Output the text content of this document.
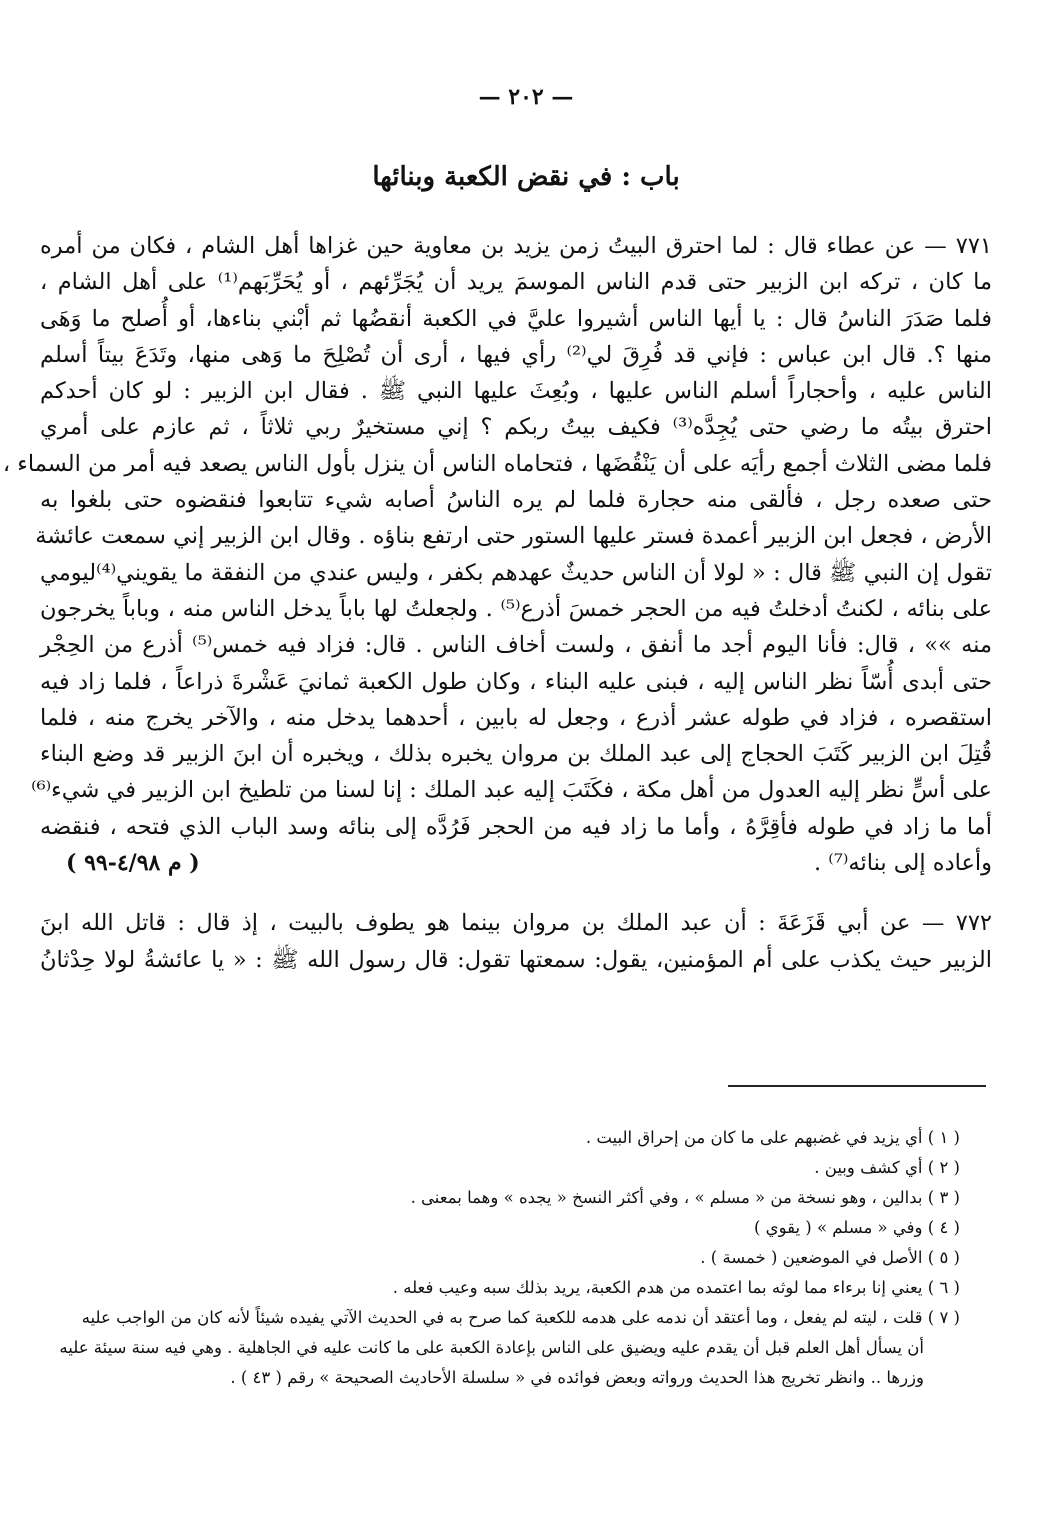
— ٢٠٢ —
باب : في نقض الكعبة وبنائها
٧٧١ — عن عطاء قال : لما احترق البيتُ زمن يزيد بن معاوية حين غزاها أهل الشام ، فكان من أمره
ما كان ، تركه ابن الزبير حتى قدم الناس الموسمَ يريد أن يُجَرِّئهم ، أو يُحَرِّبَهم⁽¹⁾ على أهل الشام ،
فلما صَدَرَ الناسُ قال : يا أيها الناس أشيروا عليَّ في الكعبة أنقضُها ثم أبْني بناءها، أو أُصلح ما وَهَى
منها ؟. قال ابن عباس : فإني قد فُرِقَ لي⁽²⁾ رأي فيها ، أرى أن تُصْلِحَ ما وَهى منها، وتَدَعَ بيتاً أسلم
الناس عليه ، وأحجاراً أسلم الناس عليها ، وبُعِثَ عليها النبي ﷺ . فقال ابن الزبير : لو كان أحدكم
احترق بيتُه ما رضي حتى يُجِدَّه⁽³⁾ فكيف بيتُ ربكم ؟ إني مستخيرٌ ربي ثلاثاً ، ثم عازم على أمري
فلما مضى الثلاث أجمع رأيَه على أن يَنْقُضَها ، فتحاماه الناس أن ينزل بأول الناس يصعد فيه أمر من السماء ،
حتى صعده رجل ، فألقى منه حجارة فلما لم يره الناسُ أصابه شيء تتابعوا فنقضوه حتى بلغوا به
الأرض ، فجعل ابن الزبير أعمدة فستر عليها الستور حتى ارتفع بناؤه . وقال ابن الزبير إني سمعت عائشة
تقول إن النبي ﷺ قال : « لولا أن الناس حديثٌ عهدهم بكفر ، وليس عندي من النفقة ما يقويني⁽⁴⁾ليومي
على بنائه ، لكنتُ أدخلتُ فيه من الحجر خمسَ أذرع⁽⁵⁾ . ولجعلتُ لها باباً يدخل الناس منه ، وباباً يخرجون
منه »» ، قال: فأنا اليوم أجد ما أنفق ، ولست أخاف الناس . قال: فزاد فيه خمس⁽⁵⁾ أذرع من الحِجْر
حتى أبدى أُسّاً نظر الناس إليه ، فبنى عليه البناء ، وكان طول الكعبة ثمانيَ عَشْرةَ ذراعاً ، فلما زاد فيه
استقصره ، فزاد في طوله عشر أذرع ، وجعل له بابين ، أحدهما يدخل منه ، والآخر يخرج منه ، فلما
قُتِلَ ابن الزبير كَتَبَ الحجاج إلى عبد الملك بن مروان يخبره بذلك ، ويخبره أن ابنَ الزبير قد وضع البناء
على أسٍّ نظر إليه العدول من أهل مكة ، فكَتَبَ إليه عبد الملك : إنا لسنا من تلطيخ ابن الزبير في شيء⁽⁶⁾
أما ما زاد في طوله فأقِرَّهُ ، وأما ما زاد فيه من الحجر فَرُدَّه إلى بنائه وسد الباب الذي فتحه ، فنقضه
وأعاده إلى بنائه⁽⁷⁾ .
( م ٤/٩٨-٩٩ )
٧٧٢ — عن أبي قَزَعَةَ : أن عبد الملك بن مروان بينما هو يطوف بالبيت ، إذ قال : قاتل الله ابنَ
الزبير حيث يكذب على أم المؤمنين، يقول: سمعتها تقول: قال رسول الله ﷺ : « يا عائشةُ لولا حِدْثانُ
( ١ ) أي يزيد في غضبهم على ما كان من إحراق البيت .
( ٢ ) أي كشف وبين .
( ٣ ) بدالين ، وهو نسخة من « مسلم » ، وفي أكثر النسخ « يجده » وهما بمعنى .
( ٤ ) وفي « مسلم » ( يقوي )
( ٥ ) الأصل في الموضعين ( خمسة ) .
( ٦ ) يعني إنا برءاء مما لوثه بما اعتمده من هدم الكعبة، يريد بذلك سبه وعيب فعله .
( ٧ ) قلت ، ليته لم يفعل ، وما أعتقد أن ندمه على هدمه للكعبة كما صرح به في الحديث الآتي يفيده شيئاً لأنه كان من الواجب عليه
أن يسأل أهل العلم قبل أن يقدم عليه ويضيق على الناس بإعادة الكعبة على ما كانت عليه في الجاهلية . وهي فيه سنة سيئة عليه
وزرها .. وانظر تخريج هذا الحديث ورواته وبعض فوائده في « سلسلة الأحاديث الصحيحة » رقم ( ٤٣ ) .
